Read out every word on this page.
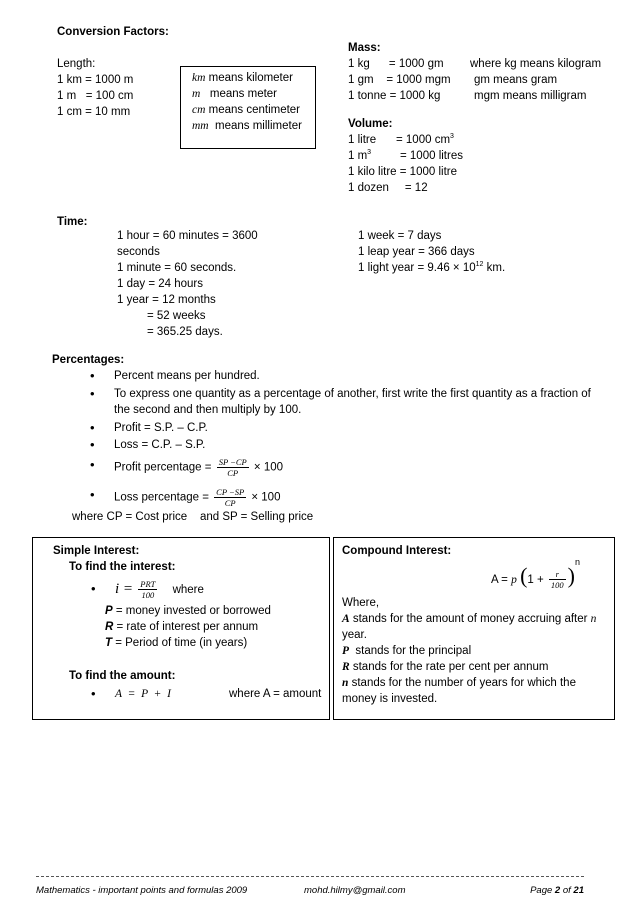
Conversion Factors:
Length:
1 km = 1000 m
1 m   = 100 cm
1 cm = 10 mm
km means kilometer
m   means meter
cm means centimeter
mm  means millimeter
Mass:
1 kg      = 1000 gm where kg means kilogram
1 gm    = 1000 mgm gm means gram
1 tonne = 1000 kg	mgm means milligram
Volume:
1 litre = 1000 $cm^3$
1 $m^3$	= 1000 litres
1 kilo litre = 1000 litre
1 dozen     = 12
Time:
1 hour = 60 minutes = 3600
seconds
1 minute = 60 seconds.
1 day = 24 hours
1 year = 12 months
= 52 weeks
= 365.25 days.
1 week = 7 days
1 leap year = 366 days
1 light year = $9.46 \times 10^{12}$ km.
Percentages:
• Percent means per hundred.
• To express one quantity as a percentage of another, first write the first quantity as a fraction of the second and then multiply by 100.
• Profit = S.P. – C.P.
• Loss = C.P. – S.P.
• Profit percentage = $\frac{SP -CP}{CP} \times 100$
• Loss percentage = $\frac{CP -SP}{CP} \times 100$
where CP = Cost price    and SP = Selling price
Simple Interest:
To find the interest:
• $i = \frac{\text{PRT}}{100}$ where
P = money invested or borrowed
R = rate of interest per annum
T = Period of time (in years)
To find the amount:
• A  =  P  +  I	where A = amount
Compound Interest:
A = p $(1 + \frac{r}{100} )^n$
Where,
A stands for the amount of money accruing after n
year.
P  stands for the principal
R stands for the rate per cent per annum
n stands for the number of years for which the
money is invested.
Mathematics - important points and formulas 2009	mohd.hilmy@gmail.com	Page 2 of 21
